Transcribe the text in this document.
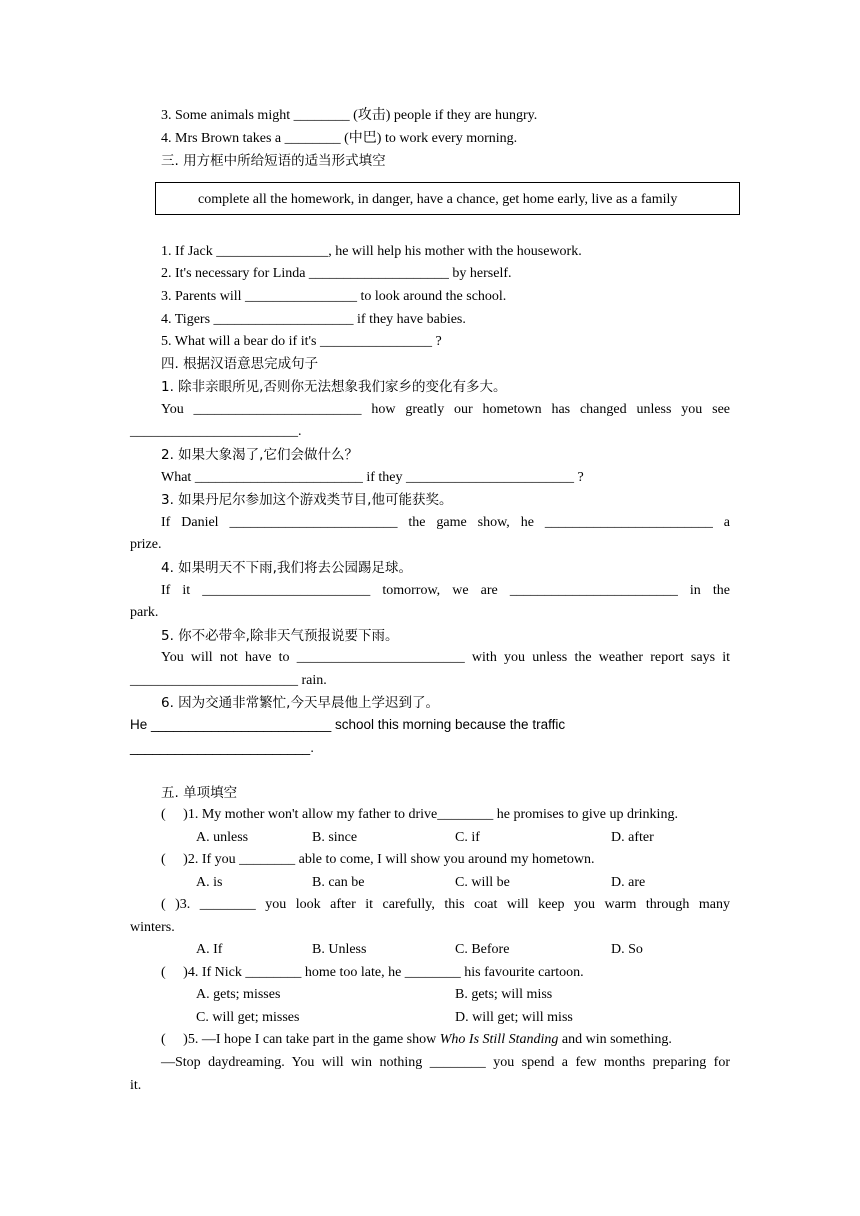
3. Some animals might ________ (攻击) people if they are hungry.
4. Mrs Brown takes a ________ (中巴) to work every morning.
三. 用方框中所给短语的适当形式填空
complete all the homework, in danger, have a chance, get home early, live as a family
1. If Jack ________________, he will help his mother with the housework.
2. It's necessary for Linda ____________________ by herself.
3. Parents will ________________ to look around the school.
4. Tigers ____________________ if they have babies.
5. What will a bear do if it's ________________ ?
四. 根据汉语意思完成句子
1. 除非亲眼所见,否则你无法想象我们家乡的变化有多大。
You ________________________ how greatly our hometown has changed unless you see
________________________.
2. 如果大象渴了,它们会做什么？
What ________________________ if they ________________________ ?
3. 如果丹尼尔参加这个游戏类节目,他可能获奖。
If Daniel ________________________ the game show, he ________________________ a
prize.
4. 如果明天不下雨,我们将去公园踢足球。
If it ________________________ tomorrow, we are ________________________ in the
park.
5. 你不必带伞,除非天气预报说要下雨。
You will not have to ________________________ with you unless the weather report says it
________________________ rain.
6. 因为交通非常繁忙,今天早晨他上学迟到了。
He ________________________ school this morning because the traffic
________________________.
五. 单项填空
(     )1. My mother won't allow my father to drive________ he promises to give up drinking.
A. unless	B. since	C. if	D. after
(     )2. If you ________ able to come, I will show you around my hometown.
A. is	B. can be	C. will be	D. are
( )3. ________ you look after it carefully, this coat will keep you warm through many
winters.
A. If	B. Unless	C. Before	D. So
(     )4. If Nick ________ home too late, he ________ his favourite cartoon.
A. gets; misses	B. gets; will miss
C. will get; misses	D. will get; will miss
(     )5. —I hope I can take part in the game show Who Is Still Standing and win something.
—Stop daydreaming. You will win nothing ________ you spend a few months preparing for
it.
